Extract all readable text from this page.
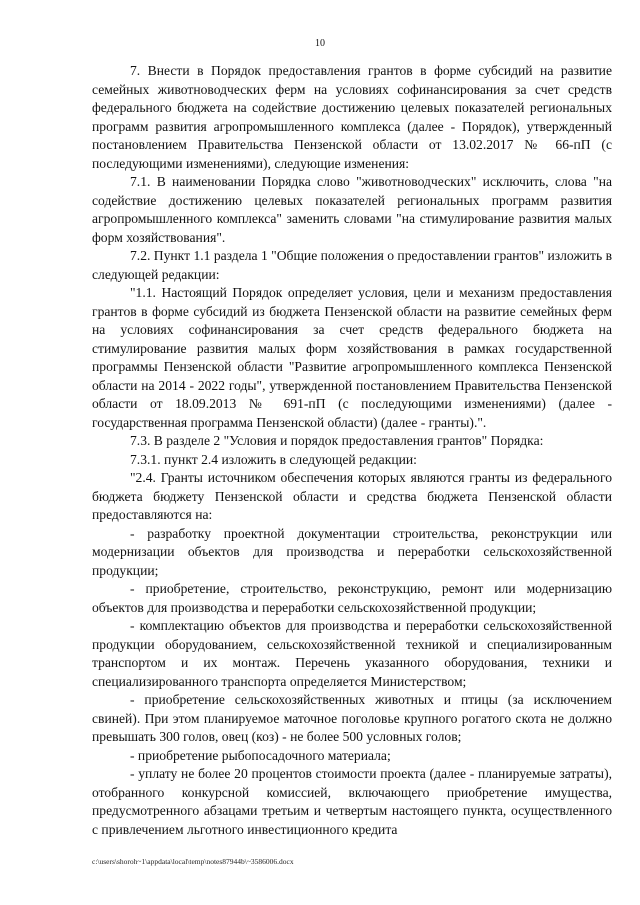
10

7. Внести в Порядок предоставления грантов в форме субсидий на развитие семейных животноводческих ферм на условиях софинансирования за счет средств федерального бюджета на содействие достижению целевых показателей региональных программ развития агропромышленного комплекса (далее - Порядок), утвержденный постановлением Правительства Пензенской области от 13.02.2017 № 66-пП (с последующими изменениями), следующие изменения:

7.1. В наименовании Порядка слово "животноводческих" исключить, слова "на содействие достижению целевых показателей региональных программ развития агропромышленного комплекса" заменить словами "на стимулирование развития малых форм хозяйствования".

7.2. Пункт 1.1 раздела 1 "Общие положения о предоставлении грантов" изложить в следующей редакции:

"1.1. Настоящий Порядок определяет условия, цели и механизм предоставления грантов в форме субсидий из бюджета Пензенской области на развитие семейных ферм на условиях софинансирования за счет средств федерального бюджета на стимулирование развития малых форм хозяйствования в рамках государственной программы Пензенской области "Развитие агропромышленного комплекса Пензенской области на 2014 - 2022 годы", утвержденной постановлением Правительства Пензенской области от 18.09.2013 № 691-пП (с последующими изменениями) (далее - государственная программа Пензенской области) (далее - гранты).".

7.3. В разделе 2 "Условия и порядок предоставления грантов" Порядка:

7.3.1. пункт 2.4 изложить в следующей редакции:

"2.4. Гранты источником обеспечения которых являются гранты из федерального бюджета бюджету Пензенской области и средства бюджета Пензенской области предоставляются на:

- разработку проектной документации строительства, реконструкции или модернизации объектов для производства и переработки сельскохозяйственной продукции;

- приобретение, строительство, реконструкцию, ремонт или модернизацию объектов для производства и переработки сельскохозяйственной продукции;

- комплектацию объектов для производства и переработки сельскохозяйственной продукции оборудованием, сельскохозяйственной техникой и специализированным транспортом и их монтаж. Перечень указанного оборудования, техники и специализированного транспорта определяется Министерством;

- приобретение сельскохозяйственных животных и птицы (за исключением свиней). При этом планируемое маточное поголовье крупного рогатого скота не должно превышать 300 голов, овец (коз) - не более 500 условных голов;

- приобретение рыбопосадочного материала;

- уплату не более 20 процентов стоимости проекта (далее - планируемые затраты), отобранного конкурсной комиссией, включающего приобретение имущества, предусмотренного абзацами третьим и четвертым настоящего пункта, осуществленного с привлечением льготного инвестиционного кредита

c:\users\shoroh~1\appdata\local\temp\notes87944b\~3586006.docx
